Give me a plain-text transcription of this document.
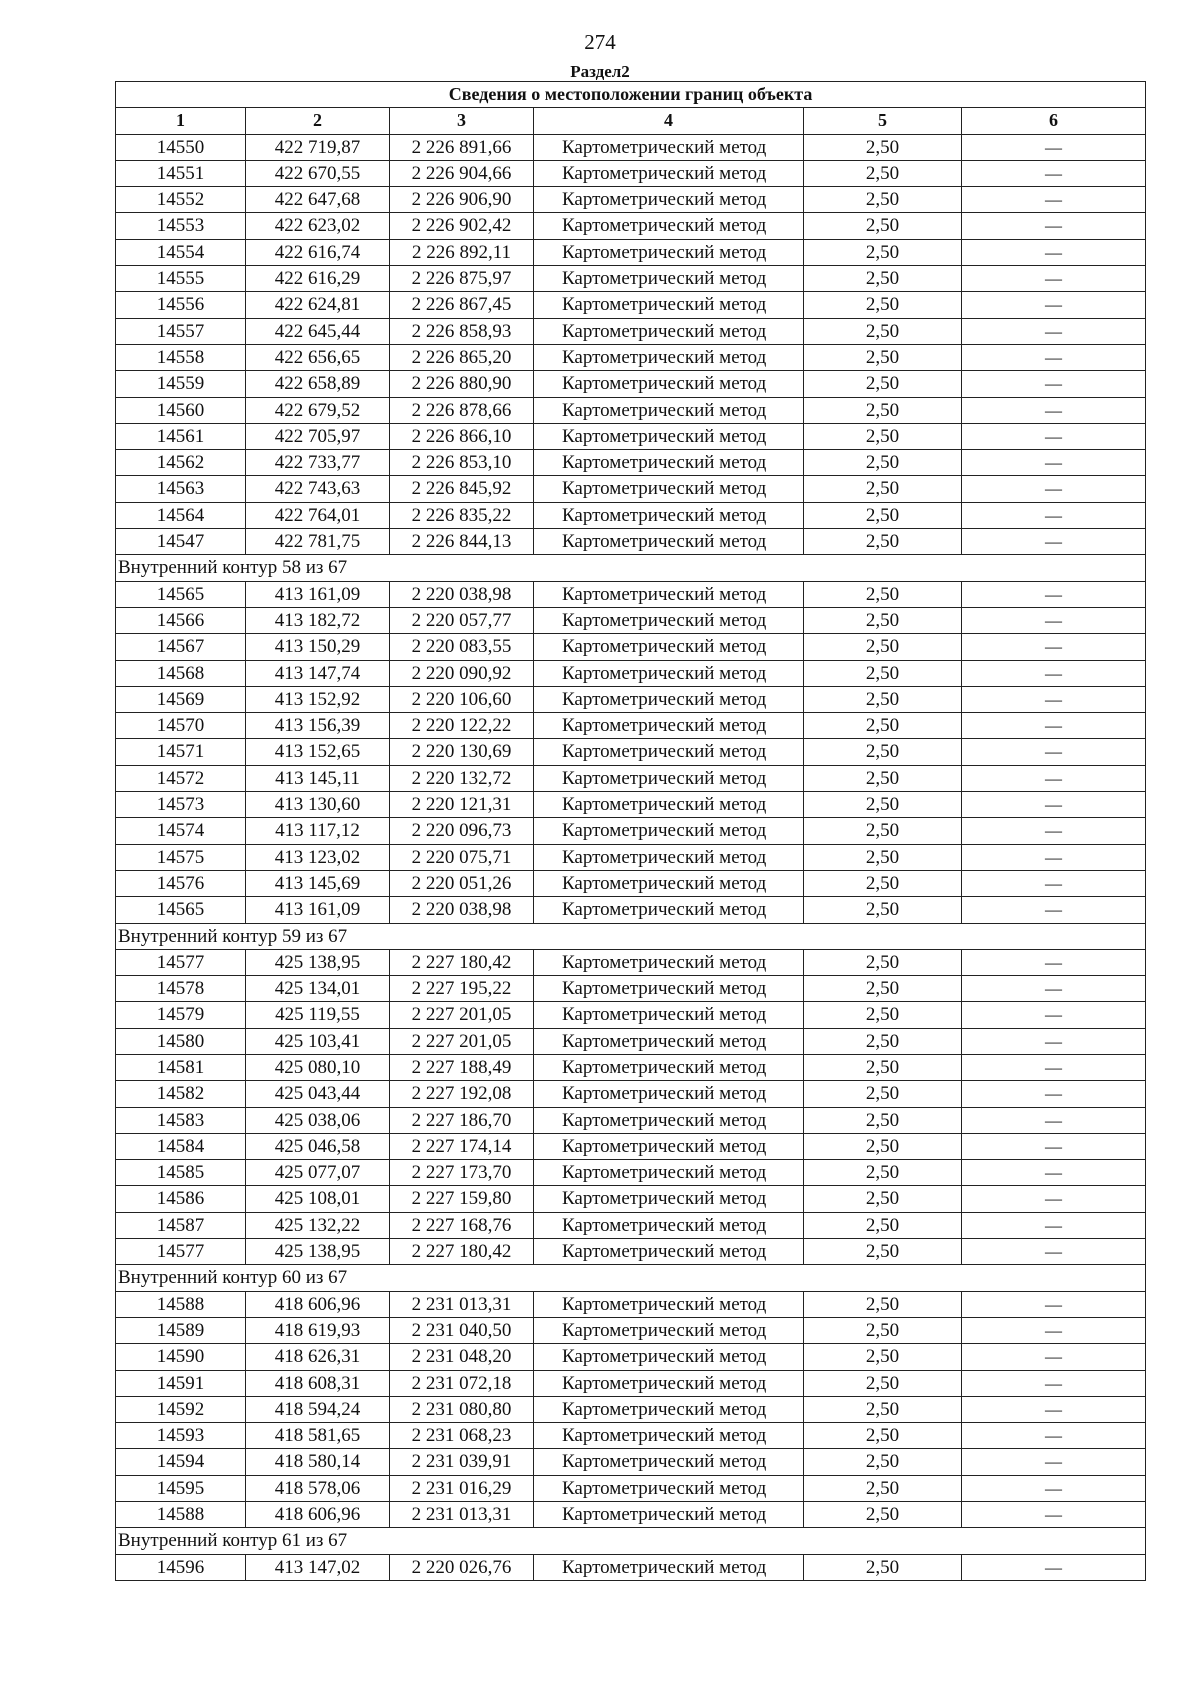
274
Раздел2
Сведения о местоположении границ объекта					
1	2	3	4	5	6
14550	422 719,87	2 226 891,66	Картометрический метод	2,50	—
14551	422 670,55	2 226 904,66	Картометрический метод	2,50	—
14552	422 647,68	2 226 906,90	Картометрический метод	2,50	—
14553	422 623,02	2 226 902,42	Картометрический метод	2,50	—
14554	422 616,74	2 226 892,11	Картометрический метод	2,50	—
14555	422 616,29	2 226 875,97	Картометрический метод	2,50	—
14556	422 624,81	2 226 867,45	Картометрический метод	2,50	—
14557	422 645,44	2 226 858,93	Картометрический метод	2,50	—
14558	422 656,65	2 226 865,20	Картометрический метод	2,50	—
14559	422 658,89	2 226 880,90	Картометрический метод	2,50	—
14560	422 679,52	2 226 878,66	Картометрический метод	2,50	—
14561	422 705,97	2 226 866,10	Картометрический метод	2,50	—
14562	422 733,77	2 226 853,10	Картометрический метод	2,50	—
14563	422 743,63	2 226 845,92	Картометрический метод	2,50	—
14564	422 764,01	2 226 835,22	Картометрический метод	2,50	—
14547	422 781,75	2 226 844,13	Картометрический метод	2,50	—
Внутренний контур 58 из 67					
14565	413 161,09	2 220 038,98	Картометрический метод	2,50	—
14566	413 182,72	2 220 057,77	Картометрический метод	2,50	—
14567	413 150,29	2 220 083,55	Картометрический метод	2,50	—
14568	413 147,74	2 220 090,92	Картометрический метод	2,50	—
14569	413 152,92	2 220 106,60	Картометрический метод	2,50	—
14570	413 156,39	2 220 122,22	Картометрический метод	2,50	—
14571	413 152,65	2 220 130,69	Картометрический метод	2,50	—
14572	413 145,11	2 220 132,72	Картометрический метод	2,50	—
14573	413 130,60	2 220 121,31	Картометрический метод	2,50	—
14574	413 117,12	2 220 096,73	Картометрический метод	2,50	—
14575	413 123,02	2 220 075,71	Картометрический метод	2,50	—
14576	413 145,69	2 220 051,26	Картометрический метод	2,50	—
14565	413 161,09	2 220 038,98	Картометрический метод	2,50	—
Внутренний контур 59 из 67					
14577	425 138,95	2 227 180,42	Картометрический метод	2,50	—
14578	425 134,01	2 227 195,22	Картометрический метод	2,50	—
14579	425 119,55	2 227 201,05	Картометрический метод	2,50	—
14580	425 103,41	2 227 201,05	Картометрический метод	2,50	—
14581	425 080,10	2 227 188,49	Картометрический метод	2,50	—
14582	425 043,44	2 227 192,08	Картометрический метод	2,50	—
14583	425 038,06	2 227 186,70	Картометрический метод	2,50	—
14584	425 046,58	2 227 174,14	Картометрический метод	2,50	—
14585	425 077,07	2 227 173,70	Картометрический метод	2,50	—
14586	425 108,01	2 227 159,80	Картометрический метод	2,50	—
14587	425 132,22	2 227 168,76	Картометрический метод	2,50	—
14577	425 138,95	2 227 180,42	Картометрический метод	2,50	—
Внутренний контур 60 из 67					
14588	418 606,96	2 231 013,31	Картометрический метод	2,50	—
14589	418 619,93	2 231 040,50	Картометрический метод	2,50	—
14590	418 626,31	2 231 048,20	Картометрический метод	2,50	—
14591	418 608,31	2 231 072,18	Картометрический метод	2,50	—
14592	418 594,24	2 231 080,80	Картометрический метод	2,50	—
14593	418 581,65	2 231 068,23	Картометрический метод	2,50	—
14594	418 580,14	2 231 039,91	Картометрический метод	2,50	—
14595	418 578,06	2 231 016,29	Картометрический метод	2,50	—
14588	418 606,96	2 231 013,31	Картометрический метод	2,50	—
Внутренний контур 61 из 67					
14596	413 147,02	2 220 026,76	Картометрический метод	2,50	—
